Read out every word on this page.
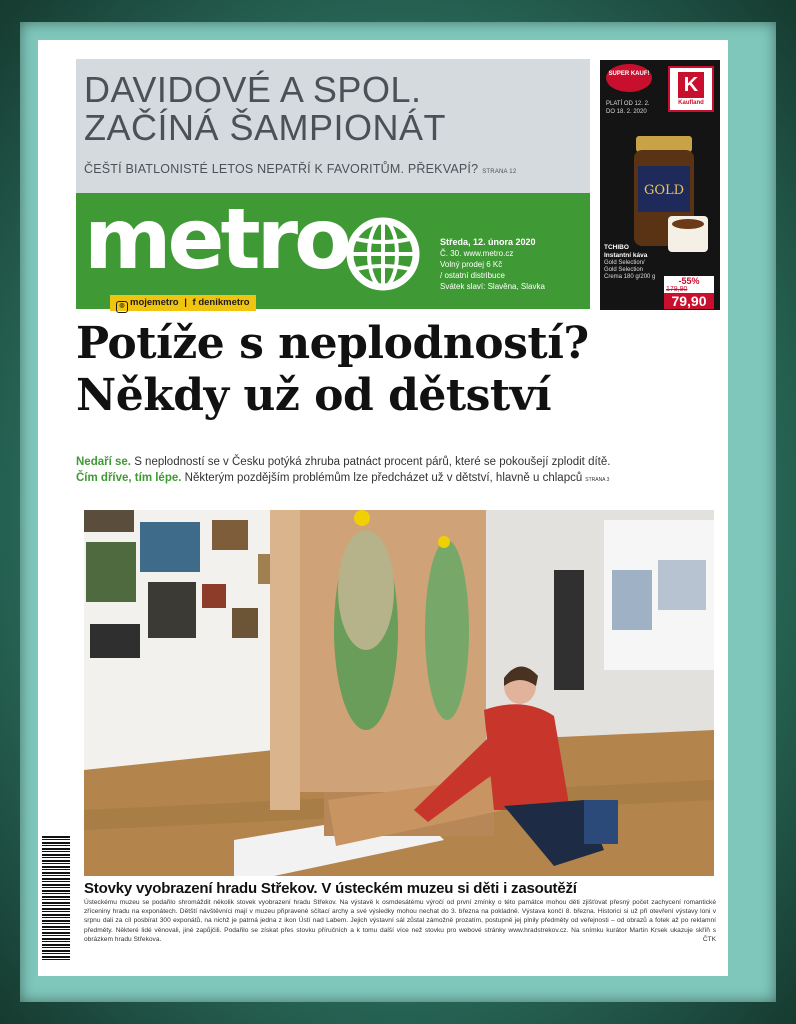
DAVIDOVÉ A SPOL.
ZAČÍNÁ ŠAMPIONÁT
ČEŠTÍ BIATLONISTÉ LETOS NEPATŘÍ K FAVORITŮM. PŘEKVAPÍ? STRANA 12
metro	Středa, 12. února 2020
Č. 30. www.metro.cz
Volný prodej 6 Kč
/ ostatní distribuce
Svátek slaví: Slavěna, Slavka
◎ mojemetro | f denikmetro
SUPER KAUF! K
Kaufland
PLATÍ OD 12. 2.
DO 18. 2. 2020
GOLD
TCHIBO
Instantní káva
Gold Selection/ Gold Selection Crema 180 g/200 g	-55%
179,90
79,90
Potíže s neplodností?
Někdy už od dětství
Nedaří se. S neplodností se v Česku potýká zhruba patnáct procent párů, které se pokoušejí zplodit dítě.
Čím dříve, tím lépe. Některým pozdějším problémům lze předcházet už v dětství, hlavně u chlapců STRANA 3
Stovky vyobrazení hradu Střekov. V ústeckém muzeu si děti i zasoutěží
Ústeckému muzeu se podařilo shromáždit několik stovek vyobrazení hradu Střekov. Na výstavě k osmdesátému výročí od první zmínky o této památce mohou děti zjišťovat přesný počet zachycení romantické zříceniny hradu na exponátech. Dětští návštěvníci mají v muzeu připravené sčítací archy a své výsledky mohou nechat do 3. března na pokladně. Výstava končí 8. března. Historici si už při otevření výstavy loni v srpnu dali za cíl posbírat 300 exponátů, na nichž je patrná jedna z ikon Ústí nad Labem. Jejich výstavní sál zůstal zámožně prozatím, postupně jej plnily předměty od veřejnosti – od obrazů a fotek až po reklamní předměty. Některé lidé věnovali, jiné zapůjčili. Podařilo se získat přes stovku příručních a k tomu další více než stovku pro webové stránky www.hradstrekov.cz. Na snímku kurátor Martin Krsek ukazuje skříň s obrázkem hradu Střekova.	ČTK
